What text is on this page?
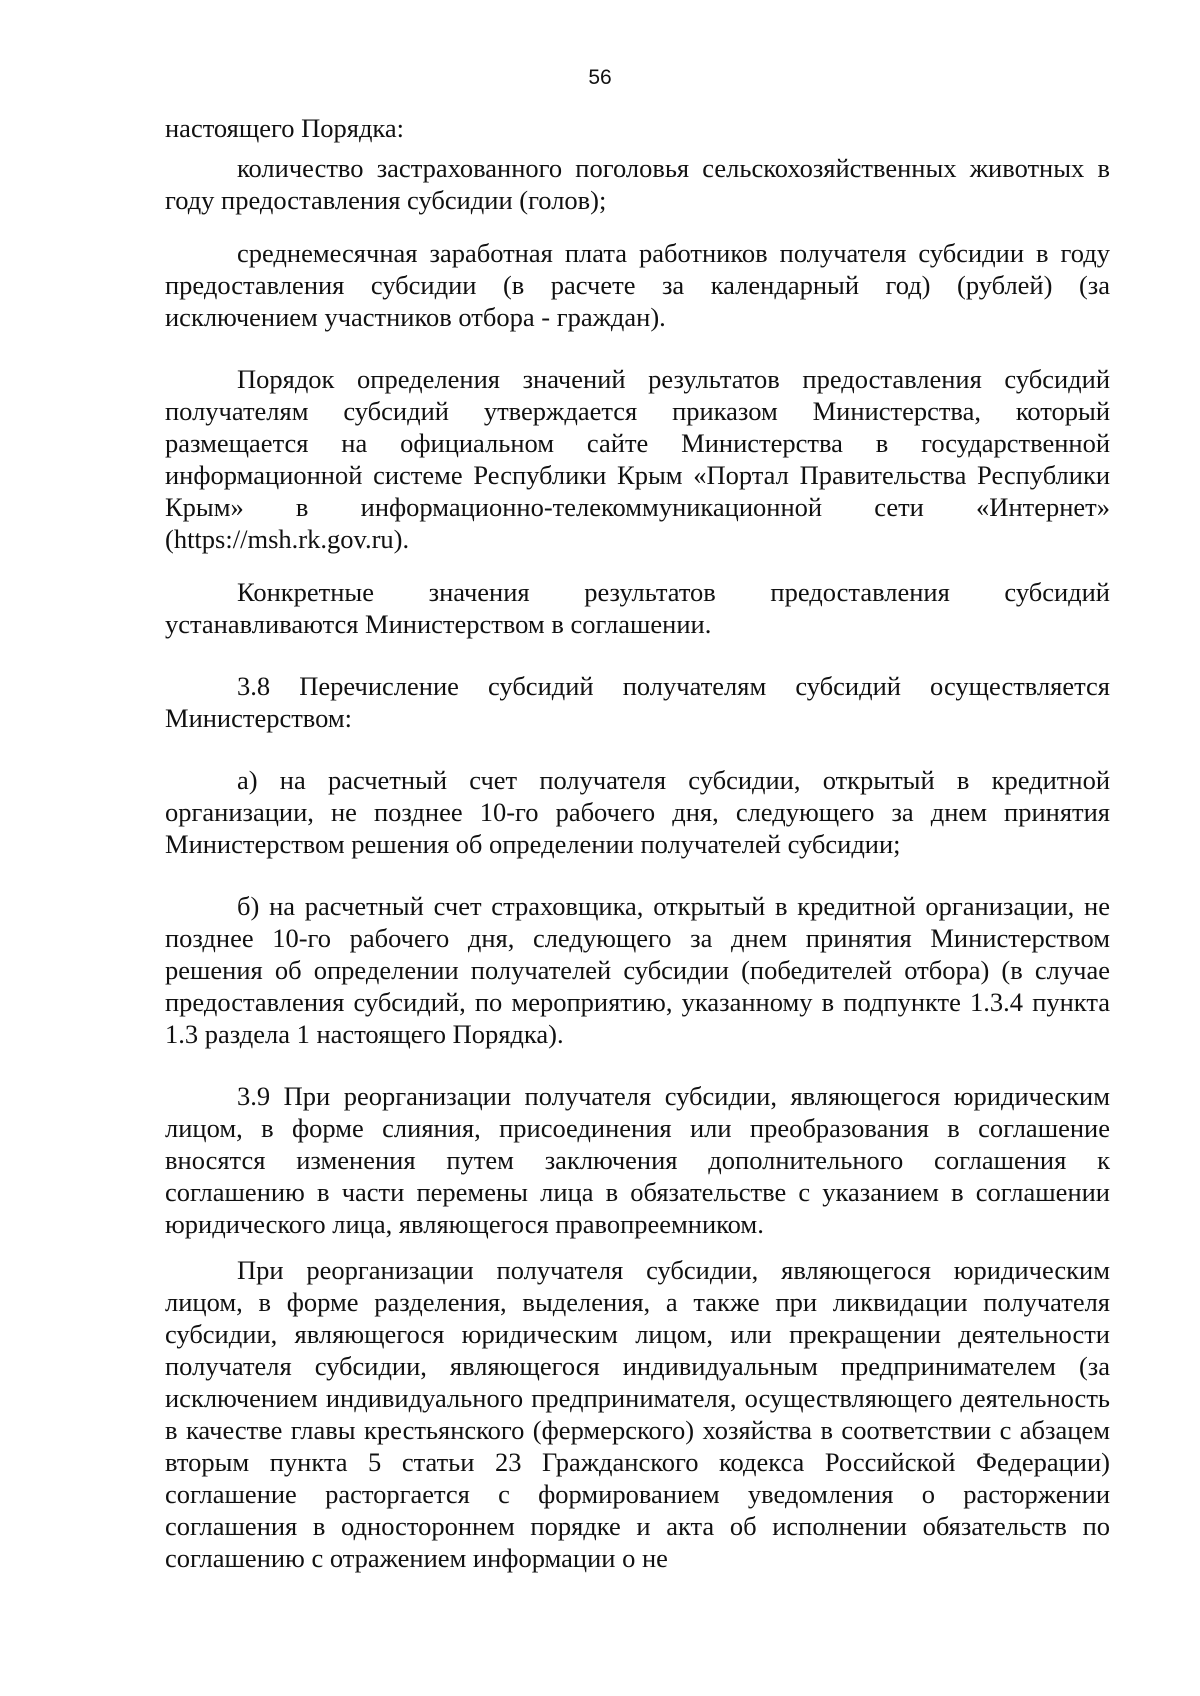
56

настоящего Порядка:

количество застрахованного поголовья сельскохозяйственных животных в году предоставления субсидии (голов);

среднемесячная заработная плата работников получателя субсидии в году предоставления субсидии (в расчете за календарный год) (рублей) (за исключением участников отбора - граждан).

Порядок определения значений результатов предоставления субсидий получателям субсидий утверждается приказом Министерства, который размещается на официальном сайте Министерства в государственной информационной системе Республики Крым «Портал Правительства Республики Крым» в информационно-телекоммуникационной сети «Интернет» (https://msh.rk.gov.ru).

Конкретные значения результатов предоставления субсидий устанавливаются Министерством в соглашении.

3.8 Перечисление субсидий получателям субсидий осуществляется Министерством:

а) на расчетный счет получателя субсидии, открытый в кредитной организации, не позднее 10-го рабочего дня, следующего за днем принятия Министерством решения об определении получателей субсидии;

б) на расчетный счет страховщика, открытый в кредитной организации, не позднее 10-го рабочего дня, следующего за днем принятия Министерством решения об определении получателей субсидии (победителей отбора) (в случае предоставления субсидий, по мероприятию, указанному в подпункте 1.3.4 пункта 1.3 раздела 1 настоящего Порядка).

3.9 При реорганизации получателя субсидии, являющегося юридическим лицом, в форме слияния, присоединения или преобразования в соглашение вносятся изменения путем заключения дополнительного соглашения к соглашению в части перемены лица в обязательстве с указанием в соглашении юридического лица, являющегося правопреемником.

При реорганизации получателя субсидии, являющегося юридическим лицом, в форме разделения, выделения, а также при ликвидации получателя субсидии, являющегося юридическим лицом, или прекращении деятельности получателя субсидии, являющегося индивидуальным предпринимателем (за исключением индивидуального предпринимателя, осуществляющего деятельность в качестве главы крестьянского (фермерского) хозяйства в соответствии с абзацем вторым пункта 5 статьи 23 Гражданского кодекса Российской Федерации) соглашение расторгается с формированием уведомления о расторжении соглашения в одностороннем порядке и акта об исполнении обязательств по соглашению с отражением информации о не
